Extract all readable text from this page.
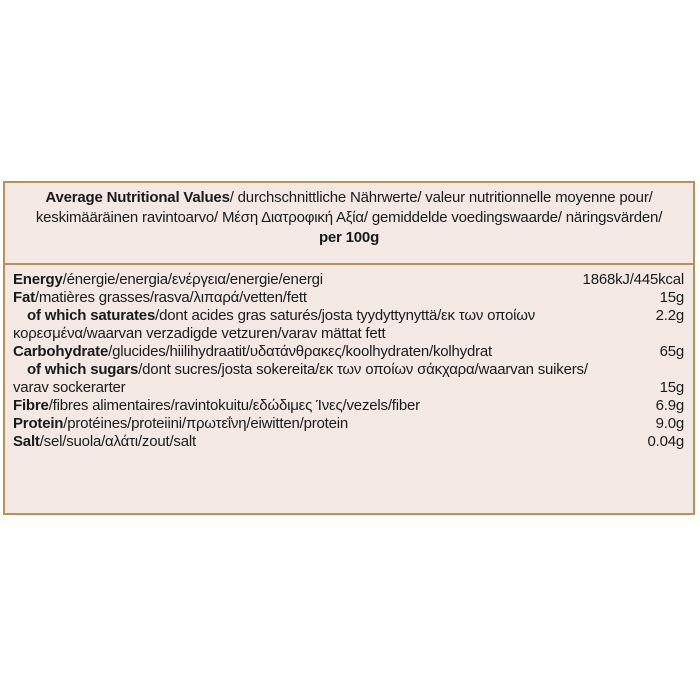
Average Nutritional Values/ durchschnittliche Nährwerte/ valeur nutritionnelle moyenne pour/
keskimääräinen ravintoarvo/ Μέση Διατροφική Αξία/ gemiddelde voedingswaarde/ näringsvärden/
per 100g
Energy/énergie/energia/ενέργεια/energie/energi	1868kJ/445kcal
Fat/matières grasses/rasva/λιπαρά/vetten/fett	15g
of which saturates/dont acides gras saturés/josta tyydyttynyttä/εκ των οποίων	2.2g
κορεσμένα/waarvan verzadigde vetzuren/varav mättat fett
Carbohydrate/glucides/hiilihydraatit/υδατάνθρακες/koolhydraten/kolhydrat	65g
of which sugars/dont sucres/josta sokereita/εκ των οποίων σάκχαρα/waarvan suikers/
varav sockerarter	15g
Fibre/fibres alimentaires/ravintokuitu/εδώδιμες Ίνες/vezels/fiber	6.9g
Protein/protéines/proteiini/πρωτεΐνη/eiwitten/protein	9.0g
Salt/sel/suola/αλάτι/zout/salt	0.04g
